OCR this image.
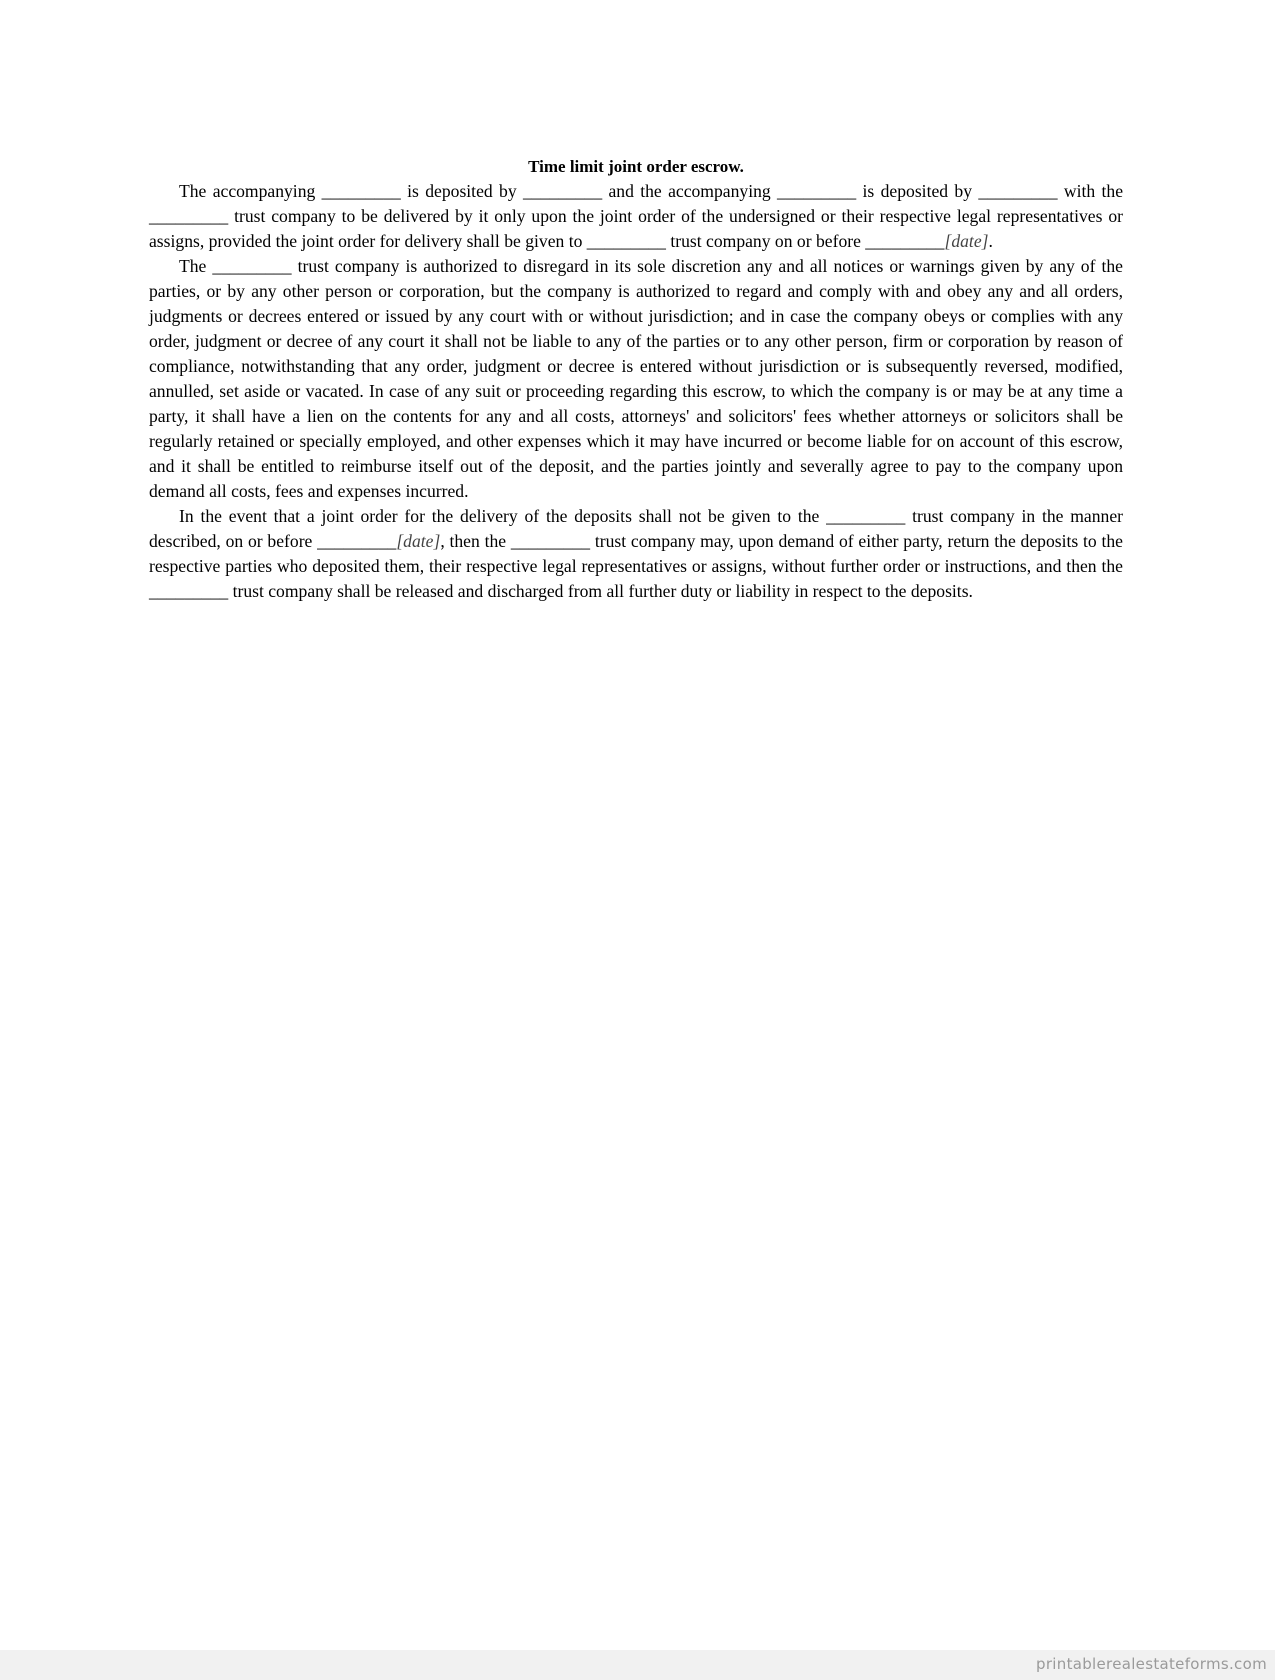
Time limit joint order escrow.

The accompanying _________ is deposited by _________ and the accompanying _________ is deposited by _________ with the _________ trust company to be delivered by it only upon the joint order of the undersigned or their respective legal representatives or assigns, provided the joint order for delivery shall be given to _________ trust company on or before _________[date].

The _________ trust company is authorized to disregard in its sole discretion any and all notices or warnings given by any of the parties, or by any other person or corporation, but the company is authorized to regard and comply with and obey any and all orders, judgments or decrees entered or issued by any court with or without jurisdiction; and in case the company obeys or complies with any order, judgment or decree of any court it shall not be liable to any of the parties or to any other person, firm or corporation by reason of compliance, notwithstanding that any order, judgment or decree is entered without jurisdiction or is subsequently reversed, modified, annulled, set aside or vacated. In case of any suit or proceeding regarding this escrow, to which the company is or may be at any time a party, it shall have a lien on the contents for any and all costs, attorneys' and solicitors' fees whether attorneys or solicitors shall be regularly retained or specially employed, and other expenses which it may have incurred or become liable for on account of this escrow, and it shall be entitled to reimburse itself out of the deposit, and the parties jointly and severally agree to pay to the company upon demand all costs, fees and expenses incurred.

In the event that a joint order for the delivery of the deposits shall not be given to the _________ trust company in the manner described, on or before _________[date], then the _________ trust company may, upon demand of either party, return the deposits to the respective parties who deposited them, their respective legal representatives or assigns, without further order or instructions, and then the _________ trust company shall be released and discharged from all further duty or liability in respect to the deposits.

printablerealestateforms.com
